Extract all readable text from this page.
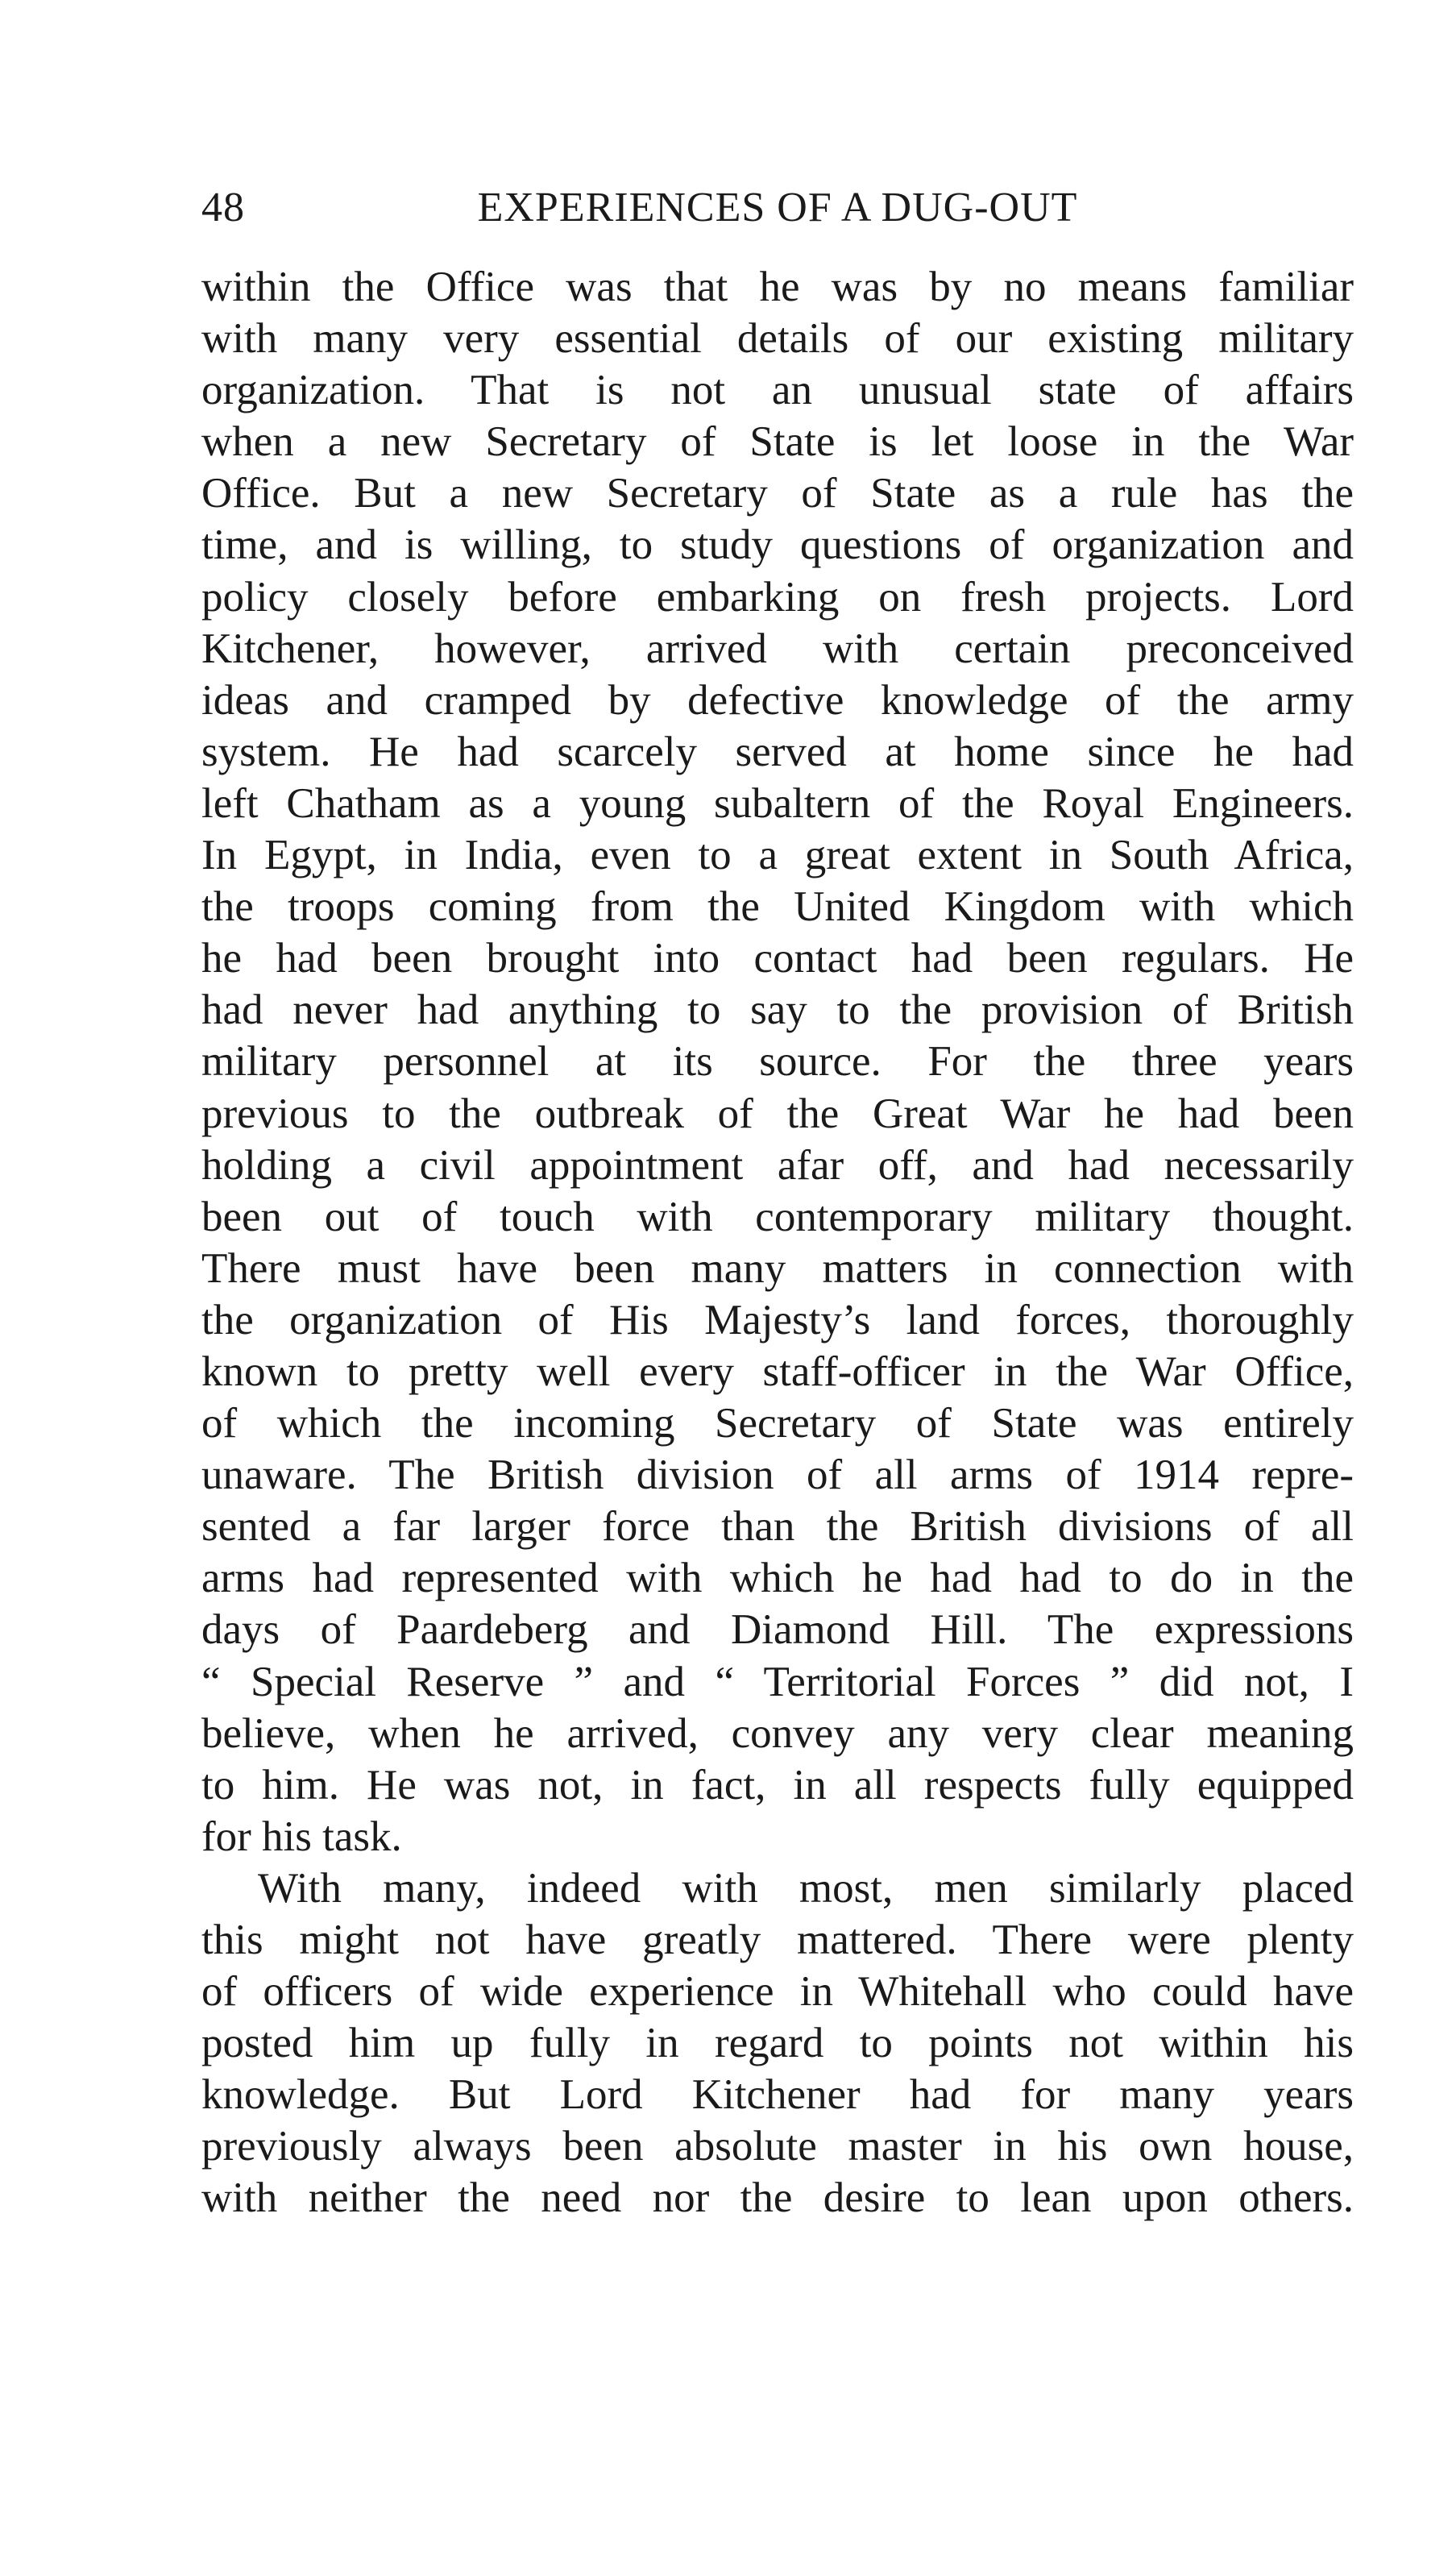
48	EXPERIENCES OF A DUG-OUT

within the Office was that he was by no means familiar
with many very essential details of our existing military
organization. That is not an unusual state of affairs
when a new Secretary of State is let loose in the War
Office. But a new Secretary of State as a rule has the
time, and is willing, to study questions of organization and
policy closely before embarking on fresh projects. Lord
Kitchener, however, arrived with certain preconceived
ideas and cramped by defective knowledge of the army
system. He had scarcely served at home since he had
left Chatham as a young subaltern of the Royal Engineers.
In Egypt, in India, even to a great extent in South Africa,
the troops coming from the United Kingdom with which
he had been brought into contact had been regulars. He
had never had anything to say to the provision of British
military personnel at its source. For the three years
previous to the outbreak of the Great War he had been
holding a civil appointment afar off, and had necessarily
been out of touch with contemporary military thought.
There must have been many matters in connection with
the organization of His Majesty’s land forces, thoroughly
known to pretty well every staff-officer in the War Office,
of which the incoming Secretary of State was entirely
unaware. The British division of all arms of 1914 repre-
sented a far larger force than the British divisions of all
arms had represented with which he had had to do in the
days of Paardeberg and Diamond Hill. The expressions
“ Special Reserve ” and “ Territorial Forces ” did not, I
believe, when he arrived, convey any very clear meaning
to him. He was not, in fact, in all respects fully equipped
for his task.

With many, indeed with most, men similarly placed
this might not have greatly mattered. There were plenty
of officers of wide experience in Whitehall who could have
posted him up fully in regard to points not within his
knowledge. But Lord Kitchener had for many years
previously always been absolute master in his own house,
with neither the need nor the desire to lean upon others.
